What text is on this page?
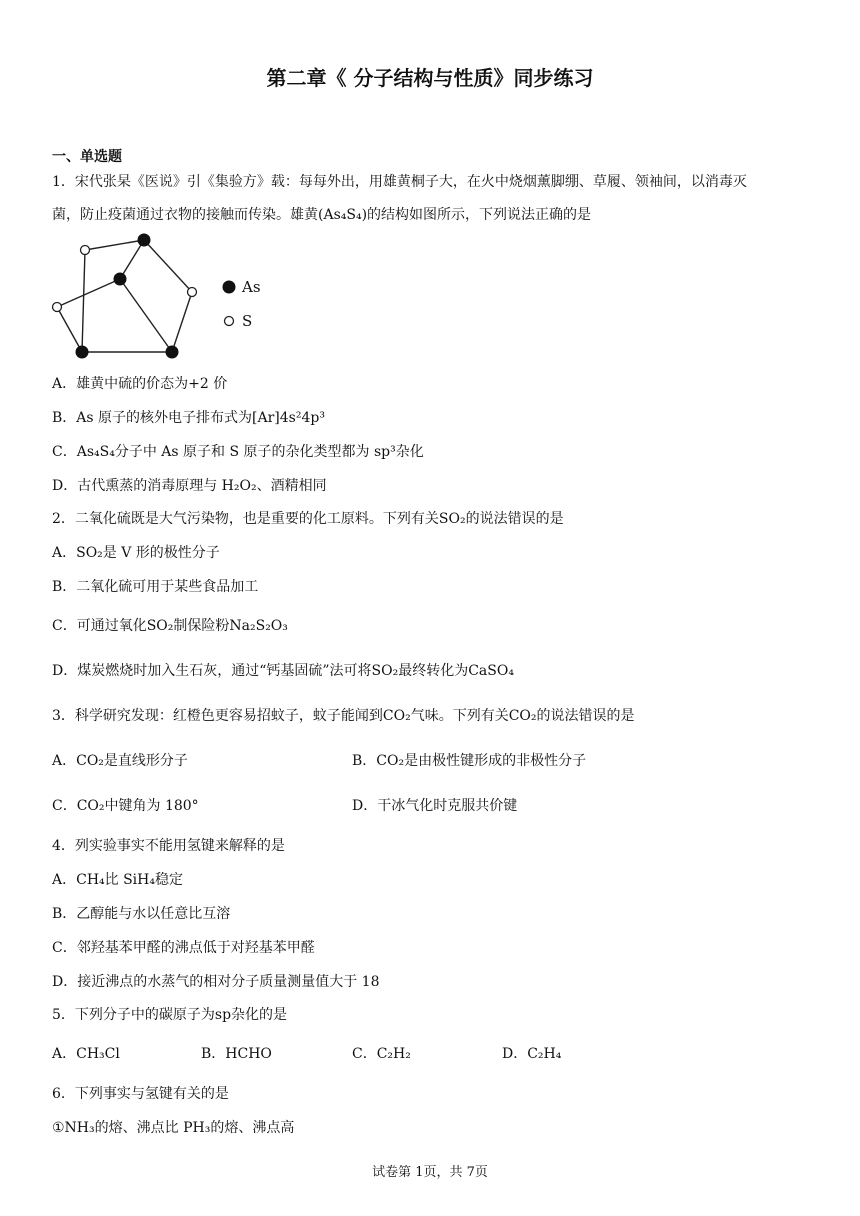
第二章《 分子结构与性质》同步练习
一、单选题
1．宋代张杲《医说》引《集验方》载：每每外出，用雄黄桐子大，在火中烧烟薰脚绷、草履、领袖间，以消毒灭
菌，防止疫菌通过衣物的接触而传染。雄黄(As₄S₄)的结构如图所示，下列说法正确的是
As
S
A．雄黄中硫的价态为+2 价
B．As 原子的核外电子排布式为[Ar]4s²4p³
C．As₄S₄分子中 As 原子和 S 原子的杂化类型都为 sp³杂化
D．古代熏蒸的消毒原理与 H₂O₂、酒精相同
2．二氧化硫既是大气污染物，也是重要的化工原料。下列有关SO₂的说法错误的是
A．SO₂是 V 形的极性分子
B．二氧化硫可用于某些食品加工
C．可通过氧化SO₂制保险粉Na₂S₂O₃
D．煤炭燃烧时加入生石灰，通过“钙基固硫”法可将SO₂最终转化为CaSO₄
3．科学研究发现：红橙色更容易招蚊子，蚊子能闻到CO₂气味。下列有关CO₂的说法错误的是
A．CO₂是直线形分子	B．CO₂是由极性键形成的非极性分子
C．CO₂中键角为 180°	D．干冰气化时克服共价键
4．列实验事实不能用氢键来解释的是
A．CH₄比 SiH₄稳定
B．乙醇能与水以任意比互溶
C．邻羟基苯甲醛的沸点低于对羟基苯甲醛
D．接近沸点的水蒸气的相对分子质量测量值大于 18
5．下列分子中的碳原子为sp杂化的是
A．CH₃Cl	B．HCHO	C．C₂H₂	D．C₂H₄
6．下列事实与氢键有关的是
①NH₃的熔、沸点比 PH₃的熔、沸点高
试卷第 1页，共 7页
